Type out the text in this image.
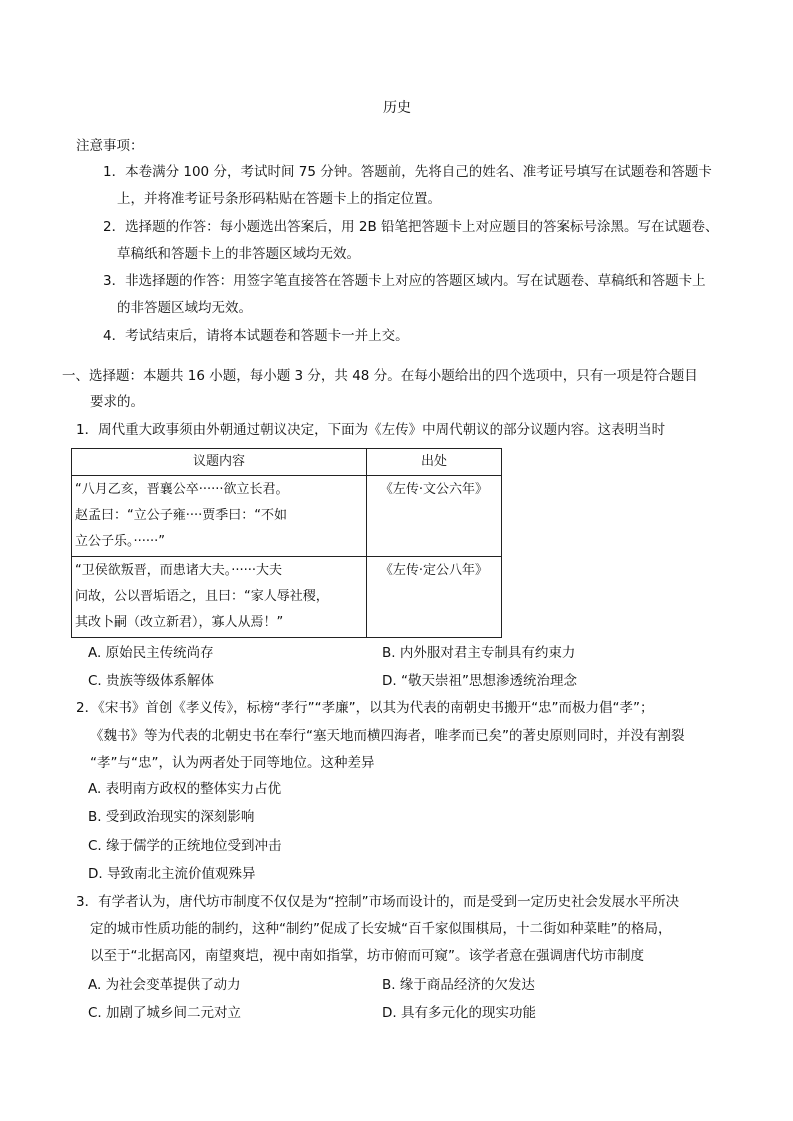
历史
注意事项：
1．本卷满分 100 分，考试时间 75 分钟。答题前，先将自己的姓名、准考证号填写在试题卷和答题卡
上，并将准考证号条形码粘贴在答题卡上的指定位置。
2．选择题的作答：每小题选出答案后，用 2B 铅笔把答题卡上对应题目的答案标号涂黑。写在试题卷、
草稿纸和答题卡上的非答题区域均无效。
3．非选择题的作答：用签字笔直接答在答题卡上对应的答题区域内。写在试题卷、草稿纸和答题卡上
的非答题区域均无效。
4．考试结束后，请将本试题卷和答题卡一并上交。
一、选择题：本题共 16 小题，每小题 3 分，共 48 分。在每小题给出的四个选项中，只有一项是符合题目
要求的。
1．周代重大政事须由外朝通过朝议决定，下面为《左传》中周代朝议的部分议题内容。这表明当时
议题内容	出处

“八月乙亥，晋襄公卒······欲立长君。
赵孟曰：“立公子雍····贾季曰：“不如
立公子乐。······”	《左传·文公六年》

“卫侯欲叛晋，而患诸大夫。······大夫
问故，公以晋垢语之，且曰：“家人辱社稷，
其改卜嗣（改立新君），寡人从焉！”	《左传·定公八年》
A. 原始民主传统尚存	B. 内外服对君主专制具有约束力
C. 贵族等级体系解体	D. “敬天崇祖”思想渗透统治理念
2．《宋书》首创《孝义传》，标榜“孝行”“孝廉”，以其为代表的南朝史书搬开“忠”而极力倡“孝”；
《魏书》等为代表的北朝史书在奉行“塞天地而横四海者，唯孝而已矣”的著史原则同时，并没有割裂
“孝”与“忠”，认为两者处于同等地位。这种差异
A. 表明南方政权的整体实力占优
B. 受到政治现实的深刻影响
C. 缘于儒学的正统地位受到冲击
D. 导致南北主流价值观殊异
3．有学者认为，唐代坊市制度不仅仅是为“控制”市场而设计的，而是受到一定历史社会发展水平所决
定的城市性质功能的制约，这种“制约”促成了长安城“百千家似围棋局，十二街如种菜畦”的格局，
以至于“北据高冈，南望爽垲，视中南如指掌，坊市俯而可窥”。该学者意在强调唐代坊市制度
A. 为社会变革提供了动力	B. 缘于商品经济的欠发达
C. 加剧了城乡间二元对立	D. 具有多元化的现实功能
